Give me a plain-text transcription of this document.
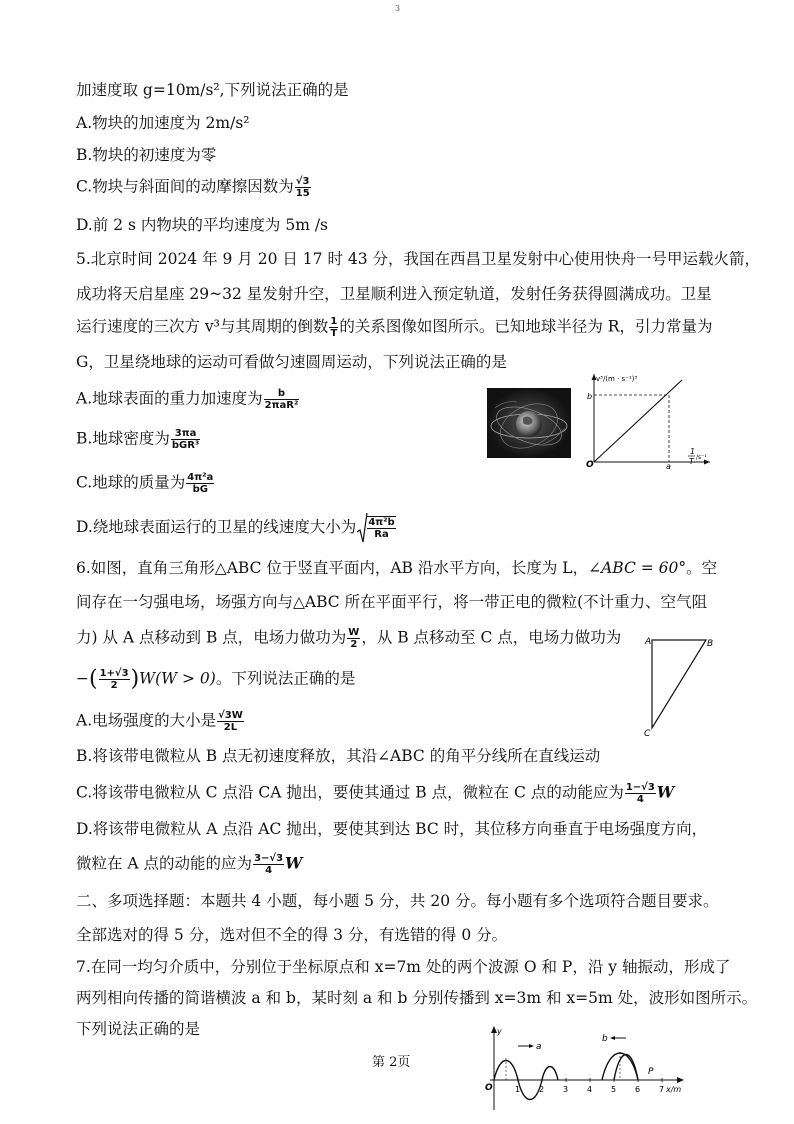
3
加速度取 g=10m/s²,下列说法正确的是
A.物块的加速度为 2m/s²
B.物块的初速度为零
C.物块与斜面间的动摩擦因数为 $\frac{√3}{15}$
D.前 2 s 内物块的平均速度为 5m /s
5.北京时间 2024 年 9 月 20 日 17 时 43 分，我国在西昌卫星发射中心使用快舟一号甲运载火箭，
成功将天启星座 29~32 星发射升空，卫星顺利进入预定轨道，发射任务获得圆满成功。卫星
运行速度的三次方 v³与其周期的倒数 $\frac{1}{T}$ 的关系图像如图所示。已知地球半径为 R，引力常量为
G，卫星绕地球的运动可看做匀速圆周运动，下列说法正确的是
A.地球表面的重力加速度为 $\frac{b}{\text{2πaR²}}$
B.地球密度为 $\frac{3\pi a}{\text{bGR³}}$
C.地球的质量为 $\frac{\text{4π²a}}{bG}$
D.绕地球表面运行的卫星的线速度大小为 $\frac{\text{4π²b}}{Ra}$
6.如图，直角三角形△ABC 位于竖直平面内，AB 沿水平方向，长度为 L，∠ABC = 60°。空
间存在一匀强电场，场强方向与△ABC 所在平面平行，将一带正电的微粒(不计重力、空气阻
力) 从 A 点移动到 B 点，电场力做功为 $\frac{W}{2}$ ，从 B 点移动至 C 点，电场力做功为
−( $\frac{1+√3}{2} )W(W > 0)$。下列说法正确的是
A.电场强度的大小是 $\frac{√3W}{2L}$
B.将该带电微粒从 B 点无初速度释放，其沿∠ABC 的角平分线所在直线运动
C.将该带电微粒从 C 点沿 CA 抛出，要使其通过 B 点，微粒在 C 点的动能应为 $\frac{1-√3}{4}$ W
D.将该带电微粒从 A 点沿 AC 抛出，要使其到达 BC 时，其位移方向垂直于电场强度方向，
微粒在 A 点的动能的应为 $\frac{3-√3}{4}$ W
二、多项选择题：本题共 4 小题，每小题 5 分，共 20 分。每小题有多个选项符合题目要求。
全部选对的得 5 分，选对但不全的得 3 分，有选错的得 0 分。
7.在同一均匀介质中，分别位于坐标原点和 x=7m 处的两个波源 O 和 P，沿 y 轴振动，形成了
两列相向传播的简谐横波 a 和 b，某时刻 a 和 b 分别传播到 x=3m 和 x=5m 处，波形如图所示。
下列说法正确的是
第 2页
v³/(m · s⁻¹)³
b
O	a
1
T /s⁻¹
A	B
C
a
b
P
y
O	1 2 3 4 5 6 7 x/m
